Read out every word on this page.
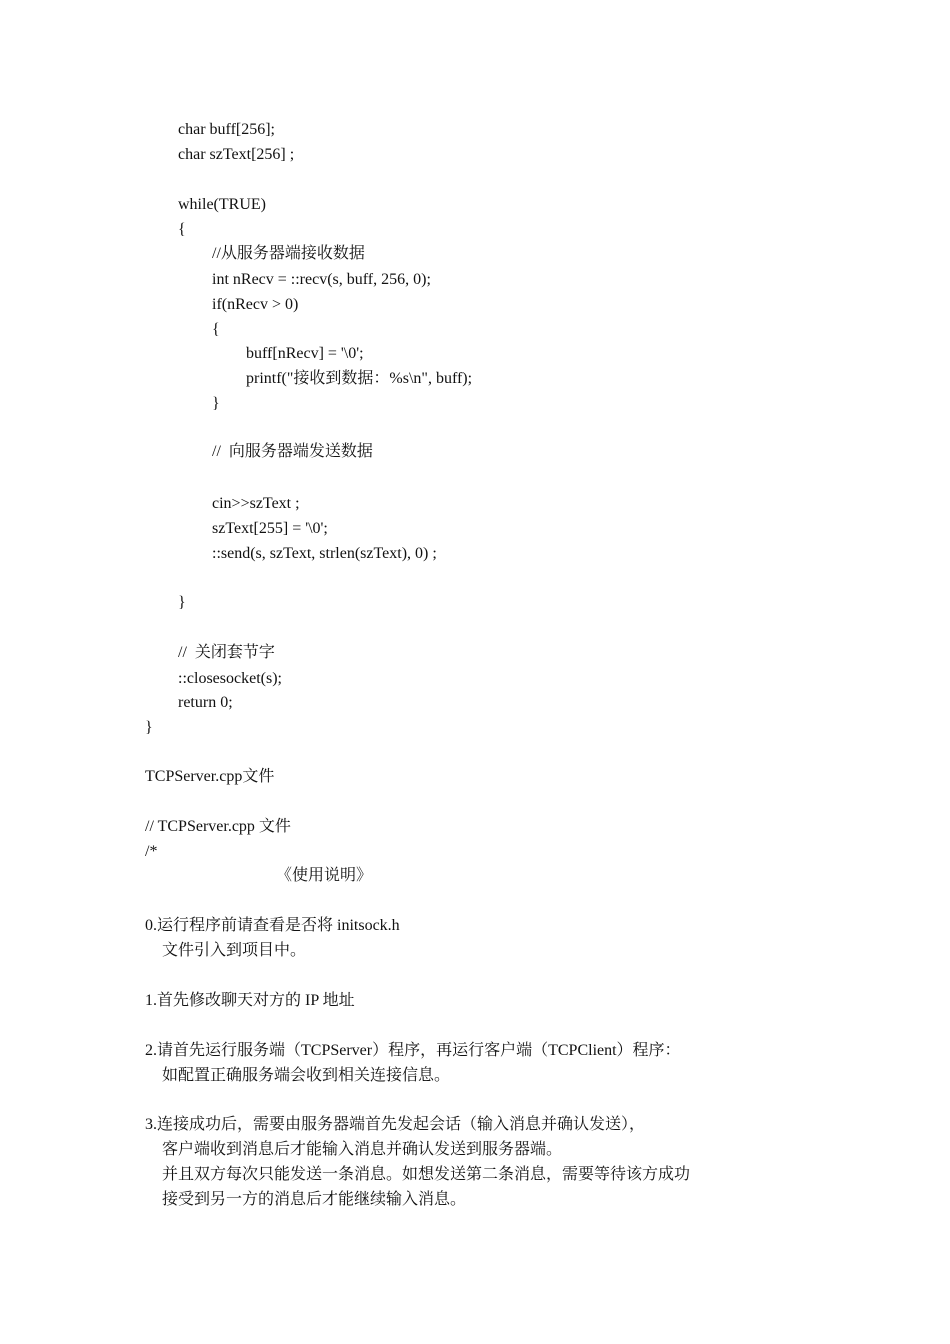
char buff[256];
char szText[256] ;
while(TRUE)
{
//从服务器端接收数据
int nRecv = ::recv(s, buff, 256, 0);
if(nRecv > 0)
{
buff[nRecv] = '\0';
printf("接收到数据：%s\n", buff);
}
//  向服务器端发送数据
cin>>szText ;
szText[255] = '\0';
::send(s, szText, strlen(szText), 0) ;
}
//  关闭套节字
::closesocket(s);
return 0;
}
TCPServer.cpp文件
// TCPServer.cpp 文件
/*
《使用说明》
0.运行程序前请查看是否将 initsock.h
文件引入到项目中。
1.首先修改聊天对方的 IP 地址
2.请首先运行服务端（TCPServer）程序，再运行客户端（TCPClient）程序：
如配置正确服务端会收到相关连接信息。
3.连接成功后，需要由服务器端首先发起会话（输入消息并确认发送），
客户端收到消息后才能输入消息并确认发送到服务器端。
并且双方每次只能发送一条消息。如想发送第二条消息，需要等待该方成功
接受到另一方的消息后才能继续输入消息。
